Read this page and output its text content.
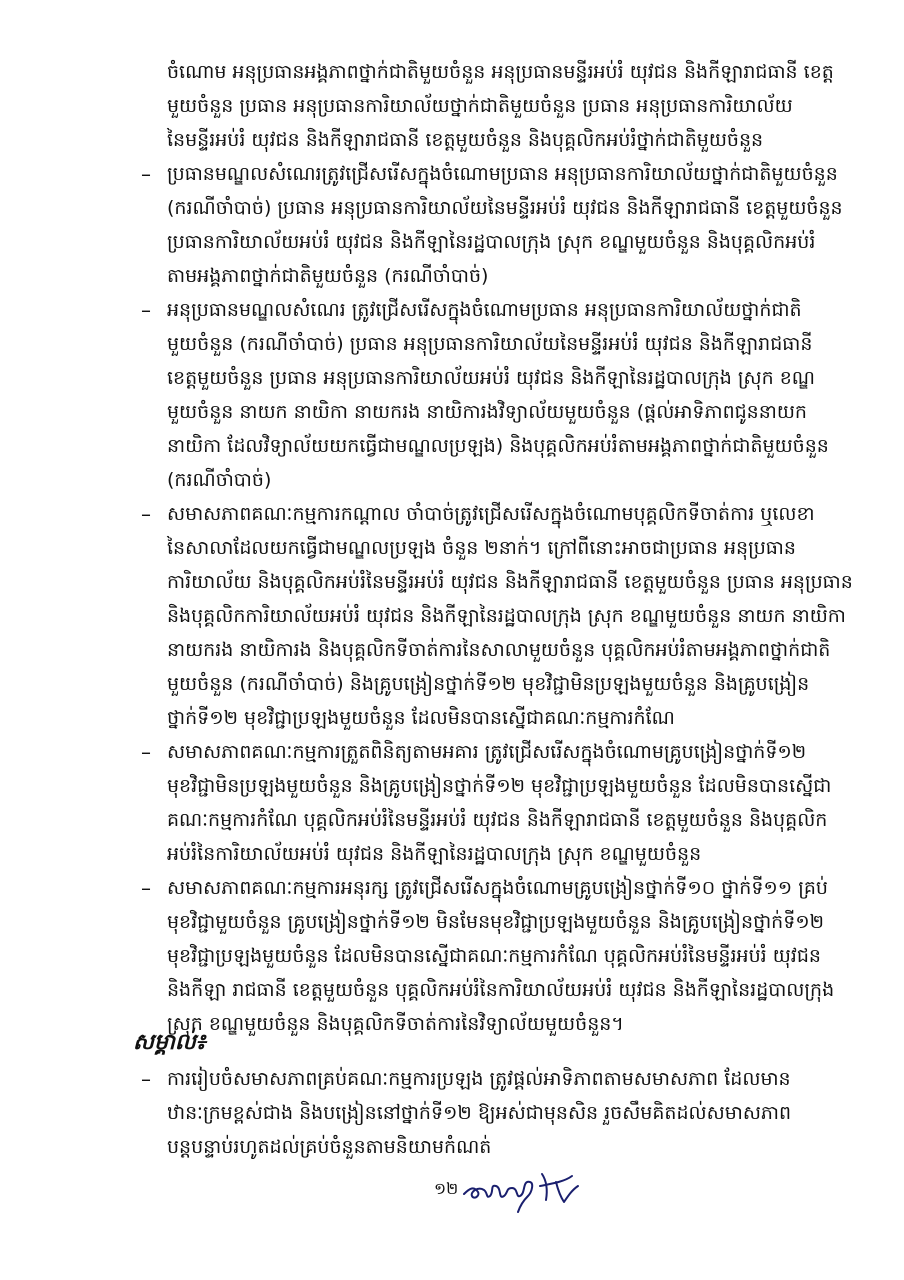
ចំណោម អនុប្រធានអង្គភាពថ្នាក់ជាតិមួយចំនួន អនុប្រធានមន្ទីរអប់រំ យុវជន និងកីឡារាជធានី ខេត្ត
មួយចំនួន ប្រធាន អនុប្រធានការិយាល័យថ្នាក់ជាតិមួយចំនួន ប្រធាន អនុប្រធានការិយាល័យ
នៃមន្ទីរអប់រំ យុវជន និងកីឡារាជធានី ខេត្តមួយចំនួន និងបុគ្គលិកអប់រំថ្នាក់ជាតិមួយចំនួន
– ប្រធានមណ្ឌលសំណេរត្រូវជ្រើសរើសក្នុងចំណោមប្រធាន អនុប្រធានការិយាល័យថ្នាក់ជាតិមួយចំនួន
(ករណីចាំបាច់) ប្រធាន អនុប្រធានការិយាល័យនៃមន្ទីរអប់រំ យុវជន និងកីឡារាជធានី ខេត្តមួយចំនួន
ប្រធានការិយាល័យអប់រំ យុវជន និងកីឡានៃរដ្ឋបាលក្រុង ស្រុក ខណ្ឌមួយចំនួន និងបុគ្គលិកអប់រំ
តាមអង្គភាពថ្នាក់ជាតិមួយចំនួន (ករណីចាំបាច់)
– អនុប្រធានមណ្ឌលសំណេរ ត្រូវជ្រើសរើសក្នុងចំណោមប្រធាន អនុប្រធានការិយាល័យថ្នាក់ជាតិ
មួយចំនួន (ករណីចាំបាច់) ប្រធាន អនុប្រធានការិយាល័យនៃមន្ទីរអប់រំ យុវជន និងកីឡារាជធានី
ខេត្តមួយចំនួន ប្រធាន អនុប្រធានការិយាល័យអប់រំ យុវជន និងកីឡានៃរដ្ឋបាលក្រុង ស្រុក ខណ្ឌ
មួយចំនួន នាយក នាយិកា នាយករង នាយិការងវិទ្យាល័យមួយចំនួន (ផ្តល់អាទិភាពជូននាយក
នាយិកា ដែលវិទ្យាល័យយកធ្វើជាមណ្ឌលប្រឡង) និងបុគ្គលិកអប់រំតាមអង្គភាពថ្នាក់ជាតិមួយចំនួន
(ករណីចាំបាច់)
– សមាសភាពគណៈកម្មការកណ្តាល ចាំបាច់ត្រូវជ្រើសរើសក្នុងចំណោមបុគ្គលិកទីចាត់ការ ឬលេខា
នៃសាលាដែលយកធ្វើជាមណ្ឌលប្រឡង ចំនួន ២នាក់។ ក្រៅពីនោះអាចជាប្រធាន អនុប្រធាន
ការិយាល័យ និងបុគ្គលិកអប់រំនៃមន្ទីរអប់រំ យុវជន និងកីឡារាជធានី ខេត្តមួយចំនួន ប្រធាន អនុប្រធាន
និងបុគ្គលិកការិយាល័យអប់រំ យុវជន និងកីឡានៃរដ្ឋបាលក្រុង ស្រុក ខណ្ឌមួយចំនួន នាយក នាយិកា
នាយករង នាយិការង និងបុគ្គលិកទីចាត់ការនៃសាលាមួយចំនួន បុគ្គលិកអប់រំតាមអង្គភាពថ្នាក់ជាតិ
មួយចំនួន (ករណីចាំបាច់) និងគ្រូបង្រៀនថ្នាក់ទី១២ មុខវិជ្ជាមិនប្រឡងមួយចំនួន និងគ្រូបង្រៀន
ថ្នាក់ទី១២ មុខវិជ្ជាប្រឡងមួយចំនួន ដែលមិនបានស្នើជាគណៈកម្មការកំណែ
– សមាសភាពគណៈកម្មការត្រួតពិនិត្យតាមអគារ ត្រូវជ្រើសរើសក្នុងចំណោមគ្រូបង្រៀនថ្នាក់ទី១២
មុខវិជ្ជាមិនប្រឡងមួយចំនួន និងគ្រូបង្រៀនថ្នាក់ទី១២ មុខវិជ្ជាប្រឡងមួយចំនួន ដែលមិនបានស្នើជា
គណៈកម្មការកំណែ បុគ្គលិកអប់រំនៃមន្ទីរអប់រំ យុវជន និងកីឡារាជធានី ខេត្តមួយចំនួន និងបុគ្គលិក
អប់រំនៃការិយាល័យអប់រំ យុវជន និងកីឡានៃរដ្ឋបាលក្រុង ស្រុក ខណ្ឌមួយចំនួន
– សមាសភាពគណៈកម្មការអនុរក្ស ត្រូវជ្រើសរើសក្នុងចំណោមគ្រូបង្រៀនថ្នាក់ទី១០ ថ្នាក់ទី១១ គ្រប់
មុខវិជ្ជាមួយចំនួន គ្រូបង្រៀនថ្នាក់ទី១២ មិនមែនមុខវិជ្ជាប្រឡងមួយចំនួន និងគ្រូបង្រៀនថ្នាក់ទី១២
មុខវិជ្ជាប្រឡងមួយចំនួន ដែលមិនបានស្នើជាគណៈកម្មការកំណែ បុគ្គលិកអប់រំនៃមន្ទីរអប់រំ យុវជន
និងកីឡា រាជធានី ខេត្តមួយចំនួន បុគ្គលិកអប់រំនៃការិយាល័យអប់រំ យុវជន និងកីឡានៃរដ្ឋបាលក្រុង
ស្រុក ខណ្ឌមួយចំនួន និងបុគ្គលិកទីចាត់ការនៃវិទ្យាល័យមួយចំនួន។
សម្គាល់៖
– ការរៀបចំសមាសភាពគ្រប់គណៈកម្មការប្រឡង ត្រូវផ្តល់អាទិភាពតាមសមាសភាព ដែលមាន
ឋានៈក្រមខ្ពស់ជាង និងបង្រៀននៅថ្នាក់ទី១២ ឱ្យអស់ជាមុនសិន រួចសឹមគិតដល់សមាសភាព
បន្តបន្ទាប់រហូតដល់គ្រប់ចំនួនតាមនិយាមកំណត់
១២
